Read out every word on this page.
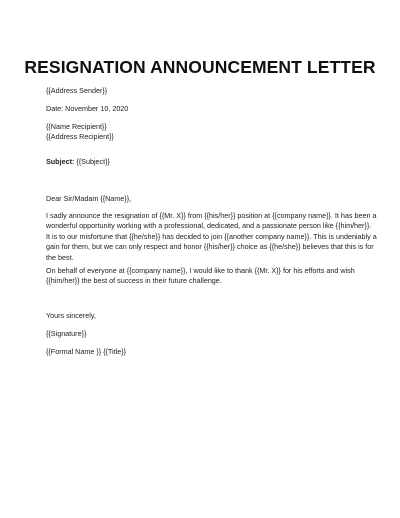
RESIGNATION ANNOUNCEMENT LETTER
{{Address Sender}}
Date: November 10, 2020
{{Name Recipient}}
{{Address Recipient}}
Subject: {{Subject}}
Dear Sir/Madam {{Name}},
I sadly announce the resignation of {{Mr. X}} from {{his/her}} position at {{company name}}. It has been a
wonderful opportunity working with a professional, dedicated, and a passionate person like {{him/her}}.
It is to our misfortune that {{he/she}} has decided to join {{another company name}}. This is undeniably a
gain for them, but we can only respect and honor {{his/her}} choice as {{he/she}} believes that this is for
the best.
On behalf of everyone at {{company name}}, I would like to thank {{Mr. X}} for his efforts and wish
{{him/her}} the best of success in their future challenge.
Yours sincerely,
{{Signature}}
{{Formal Name }} {{Title}}
